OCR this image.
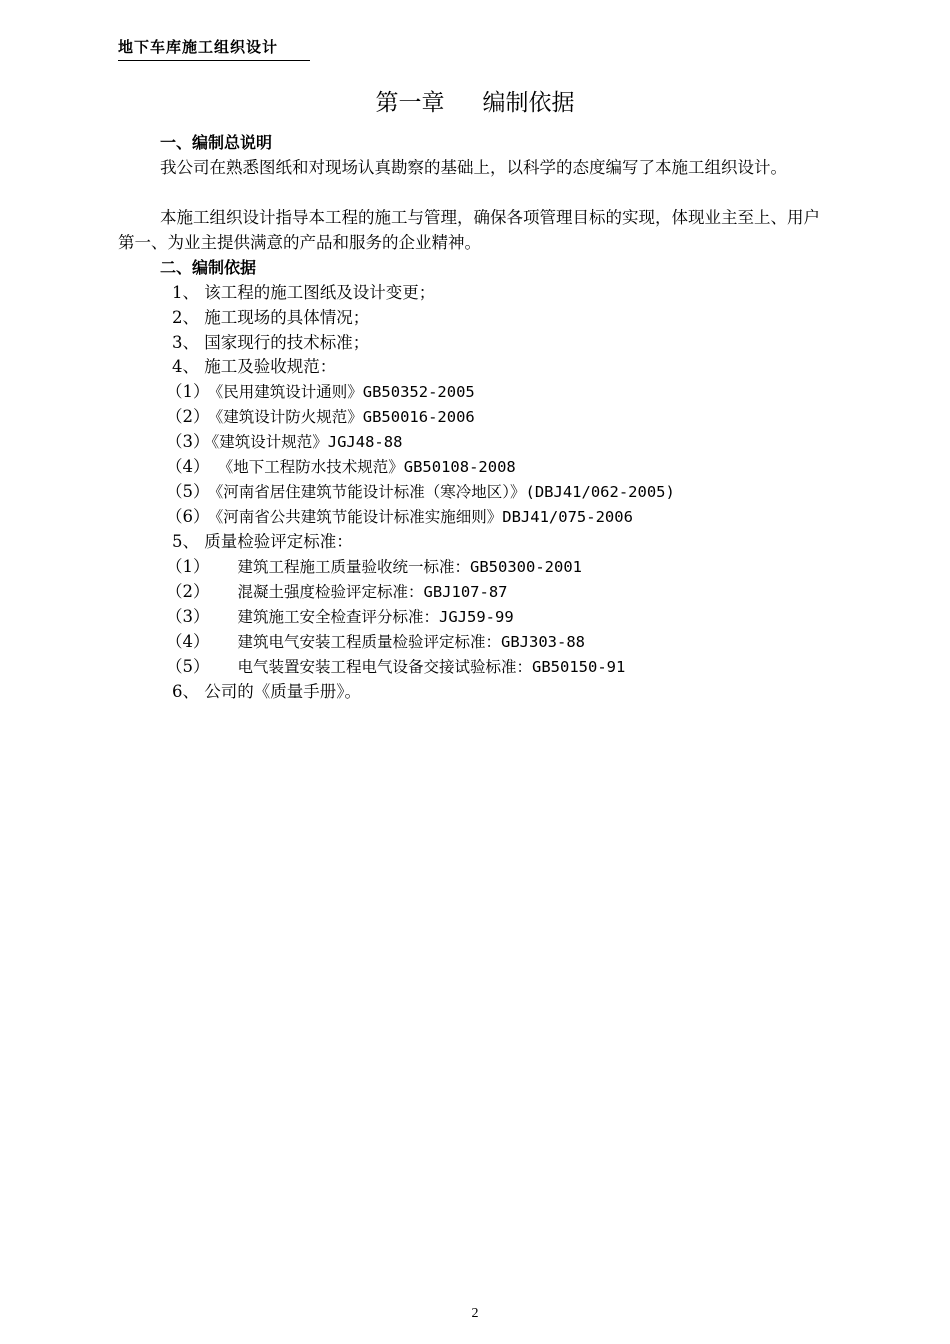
地下车库施工组织设计
第一章 编制依据
一、编制总说明
我公司在熟悉图纸和对现场认真勘察的基础上，以科学的态度编写了本施工组织设计。
本施工组织设计指导本工程的施工与管理，确保各项管理目标的实现，体现业主至上、用户第一、为业主提供满意的产品和服务的企业精神。
二、编制依据
1、 该工程的施工图纸及设计变更；
2、 施工现场的具体情况；
3、 国家现行的技术标准；
4、 施工及验收规范：
（1） 《民用建筑设计通则》GB50352-2005
（2） 《建筑设计防火规范》GB50016-2006
（3） 《建筑设计规范》JGJ48-88
（4） 《地下工程防水技术规范》GB50108-2008
（5） 《河南省居住建筑节能设计标准（寒冷地区）》(DBJ41/062-2005)
（6） 《河南省公共建筑节能设计标准实施细则》DBJ41/075-2006
5、 质量检验评定标准：
（1） 建筑工程施工质量验收统一标准：GB50300-2001
（2） 混凝土强度检验评定标准：GBJ107-87
（3） 建筑施工安全检查评分标准：JGJ59-99
（4） 建筑电气安装工程质量检验评定标准：GBJ303-88
（5） 电气装置安装工程电气设备交接试验标准：GB50150-91
6、 公司的《质量手册》。
2
